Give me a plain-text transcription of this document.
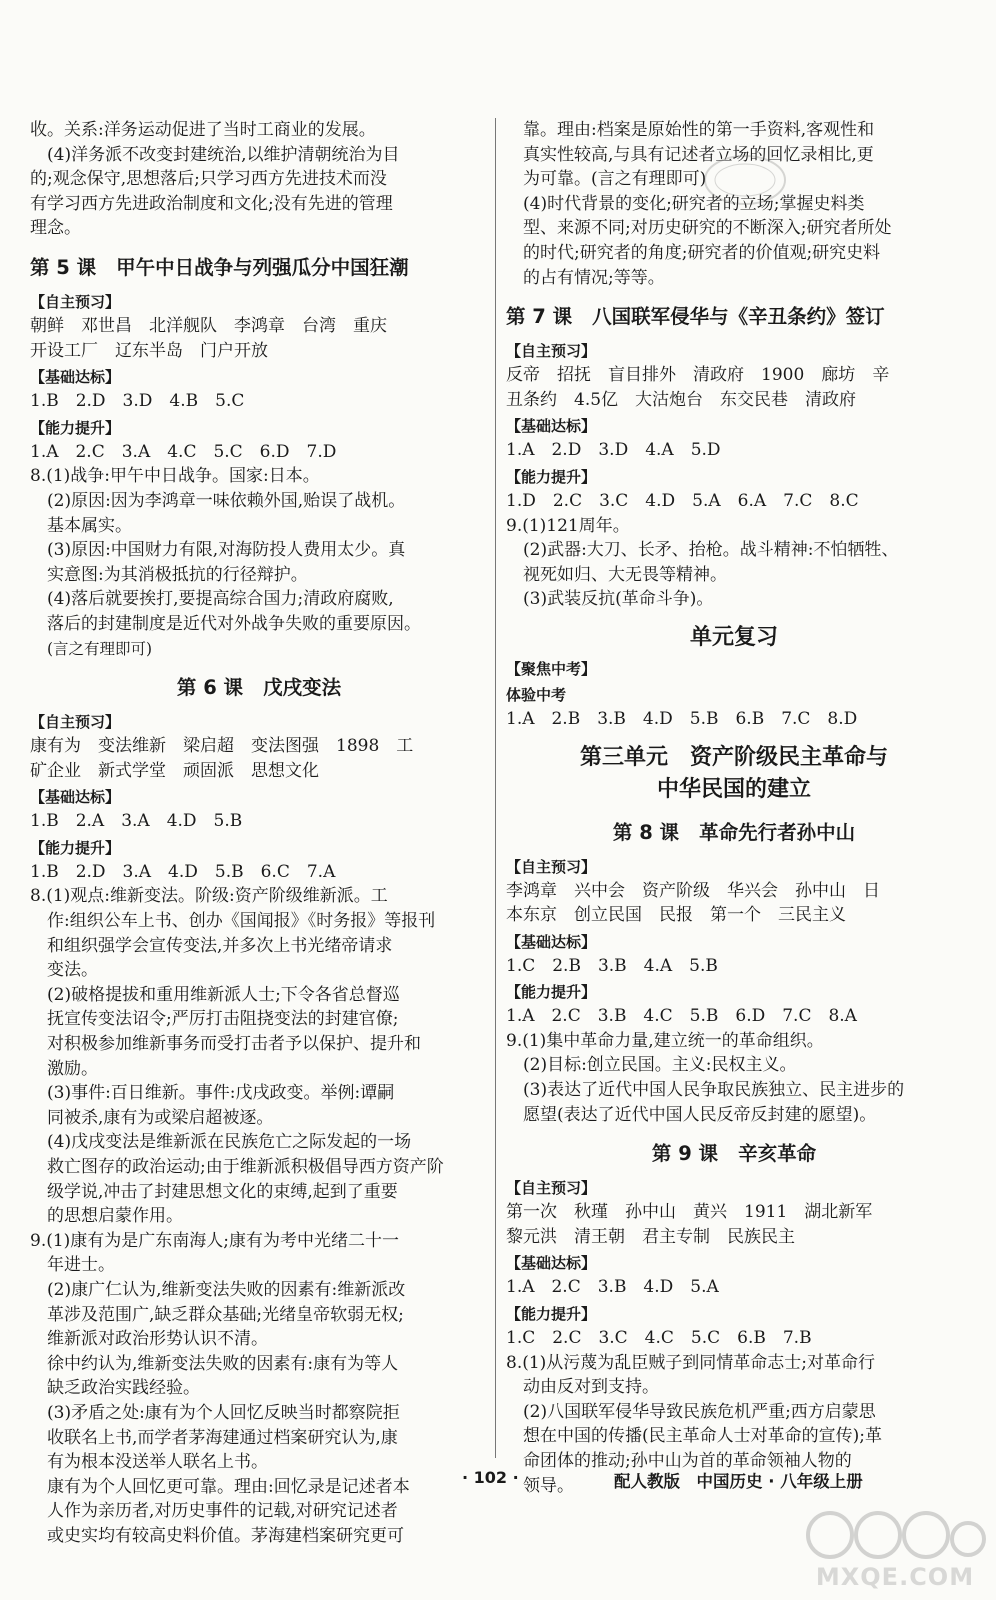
收。关系:洋务运动促进了当时工商业的发展。
(4)洋务派不改变封建统治,以维护清朝统治为目
的;观念保守,思想落后;只学习西方先进技术而没
有学习西方先进政治制度和文化;没有先进的管理
理念。
第 5 课 甲午中日战争与列强瓜分中国狂潮
【自主预习】
朝鲜　邓世昌　北洋舰队　李鸿章　台湾　重庆
开设工厂　辽东半岛　门户开放
【基础达标】
1.B　2.D　3.D　4.B　5.C
【能力提升】
1.A　2.C　3.A　4.C　5.C　6.D　7.D
8.(1)战争:甲午中日战争。国家:日本。
(2)原因:因为李鸿章一味依赖外国,贻误了战机。
基本属实。
(3)原因:中国财力有限,对海防投人费用太少。真
实意图:为其消极抵抗的行径辩护。
(4)落后就要挨打,要提高综合国力;清政府腐败,
落后的封建制度是近代对外战争失败的重要原因。
(言之有理即可)
第 6 课 戊戌变法
【自主预习】
康有为　变法维新　梁启超　变法图强　1898　工
矿企业　新式学堂　顽固派　思想文化
【基础达标】
1.B　2.A　3.A　4.D　5.B
【能力提升】
1.B　2.D　3.A　4.D　5.B　6.C　7.A
8.(1)观点:维新变法。阶级:资产阶级维新派。工
作:组织公车上书、创办《国闻报》《时务报》等报刊
和组织强学会宣传变法,并多次上书光绪帝请求
变法。
(2)破格提拔和重用维新派人士;下令各省总督巡
抚宣传变法诏令;严厉打击阻挠变法的封建官僚;
对积极参加维新事务而受打击者予以保护、提升和
激励。
(3)事件:百日维新。事件:戊戌政变。举例:谭嗣
同被杀,康有为或梁启超被逐。
(4)戊戌变法是维新派在民族危亡之际发起的一场
救亡图存的政治运动;由于维新派积极倡导西方资产阶
级学说,冲击了封建思想文化的束缚,起到了重要
的思想启蒙作用。
9.(1)康有为是广东南海人;康有为考中光绪二十一
年进士。
(2)康广仁认为,维新变法失败的因素有:维新派改
革涉及范围广,缺乏群众基础;光绪皇帝软弱无权;
维新派对政治形势认识不清。
徐中约认为,维新变法失败的因素有:康有为等人
缺乏政治实践经验。
(3)矛盾之处:康有为个人回忆反映当时都察院拒
收联名上书,而学者茅海建通过档案研究认为,康
有为根本没送举人联名上书。
康有为个人回忆更可靠。理由:回忆录是记述者本
人作为亲历者,对历史事件的记载,对研究记述者
或史实均有较高史料价值。茅海建档案研究更可
靠。理由:档案是原始性的第一手资料,客观性和
真实性较高,与具有记述者立场的回忆录相比,更
为可靠。(言之有理即可)
(4)时代背景的变化;研究者的立场;掌握史料类
型、来源不同;对历史研究的不断深入;研究者所处
的时代;研究者的角度;研究者的价值观;研究史料
的占有情况;等等。
第 7 课 八国联军侵华与《辛丑条约》签订
【自主预习】
反帝　招抚　盲目排外　清政府　1900　廊坊　辛
丑条约　4.5亿　大沽炮台　东交民巷　清政府
【基础达标】
1.A　2.D　3.D　4.A　5.D
【能力提升】
1.D　2.C　3.C　4.D　5.A　6.A　7.C　8.C
9.(1)121周年。
(2)武器:大刀、长矛、抬枪。战斗精神:不怕牺牲、
视死如归、大无畏等精神。
(3)武装反抗(革命斗争)。
单元复习
【聚焦中考】
体验中考
1.A　2.B　3.B　4.D　5.B　6.B　7.C　8.D
第三单元 资产阶级民主革命与
中华民国的建立
第 8 课 革命先行者孙中山
【自主预习】
李鸿章　兴中会　资产阶级　华兴会　孙中山　日
本东京　创立民国　民报　第一个　三民主义
【基础达标】
1.C　2.B　3.B　4.A　5.B
【能力提升】
1.A　2.C　3.B　4.C　5.B　6.D　7.C　8.A
9.(1)集中革命力量,建立统一的革命组织。
(2)目标:创立民国。主义:民权主义。
(3)表达了近代中国人民争取民族独立、民主进步的
愿望(表达了近代中国人民反帝反封建的愿望)。
第 9 课 辛亥革命
【自主预习】
第一次　秋瑾　孙中山　黄兴　1911　湖北新军
黎元洪　清王朝　君主专制　民族民主
【基础达标】
1.A　2.C　3.B　4.D　5.A
【能力提升】
1.C　2.C　3.C　4.C　5.C　6.B　7.B
8.(1)从污蔑为乱臣贼子到同情革命志士;对革命行
动由反对到支持。
(2)八国联军侵华导致民族危机严重;西方启蒙思
想在中国的传播(民主革命人士对革命的宣传);革
命团体的推动;孙中山为首的革命领袖人物的
领导。
· 102 ·	配人教版　中国历史 · 八年级上册
MXQE.COM
